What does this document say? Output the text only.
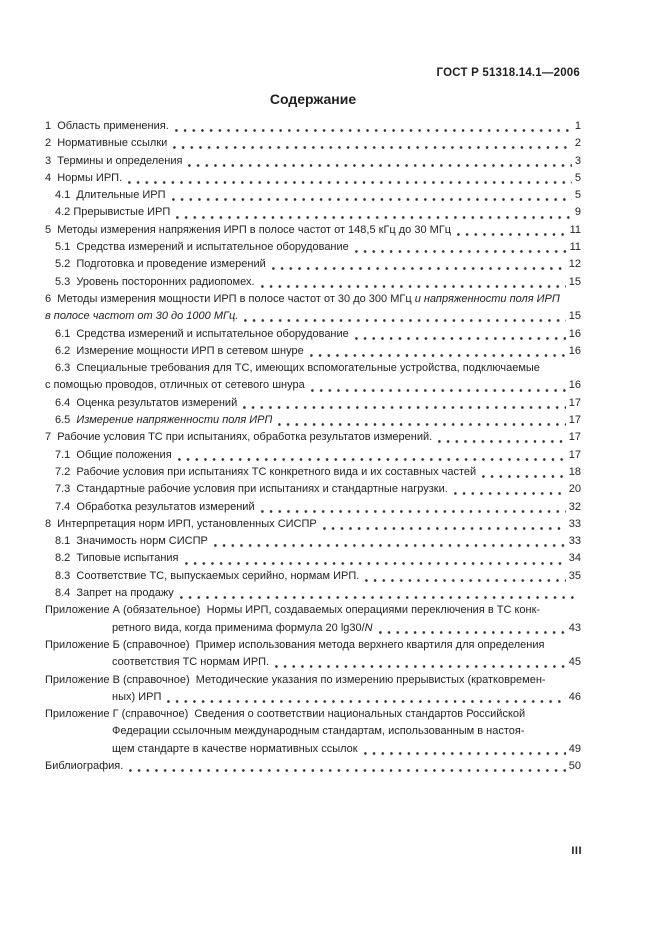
ГОСТ Р 51318.14.1—2006
Содержание
1  Область применения.	1
2  Нормативные ссылки	2
3  Термины и определения	3
4  Нормы ИРП.	5
4.1  Длительные ИРП	5
4.2 Прерывистые ИРП	9
5  Методы измерения напряжения ИРП в полосе частот от 148,5 кГц до 30 МГц	11
5.1  Средства измерений и испытательное оборудование	11
5.2  Подготовка и проведение измерений	12
5.3  Уровень посторонних радиопомех.	15
6  Методы измерения мощности ИРП в полосе частот от 30 до 300 МГц и напряженности поля ИРП
в полосе частот от 30 до 1000 МГц.	15
6.1  Средства измерений и испытательное оборудование	16
6.2  Измерение мощности ИРП в сетевом шнуре	16
6.3  Специальные требования для ТС, имеющих вспомогательные устройства, подключаемые
с помощью проводов, отличных от сетевого шнура	16
6.4  Оценка результатов измерений	17
6.5  Измерение напряженности поля ИРП	17
7  Рабочие условия ТС при испытаниях, обработка результатов измерений.	17
7.1  Общие положения	17
7.2  Рабочие условия при испытаниях ТС конкретного вида и их составных частей	18
7.3  Стандартные рабочие условия при испытаниях и стандартные нагрузки.	20
7.4  Обработка результатов измерений	32
8  Интерпретация норм ИРП, установленных СИСПР	33
8.1  Значимость норм СИСПР	33
8.2  Типовые испытания	34
8.3  Соответствие ТС, выпускаемых серийно, нормам ИРП.	35
8.4  Запрет на продажу
Приложение А (обязательное)  Нормы ИРП, создаваемых операциями переключения в ТС конк-
ретного вида, когда применима формула 20 lg30/N	43
Приложение Б (справочное)  Пример использования метода верхнего квартиля для определения
соответствия ТС нормам ИРП.	45
Приложение В (справочное)  Методические указания по измерению прерывистых (кратковремен-
ных) ИРП	46
Приложение Г (справочное)  Сведения о соответствии национальных стандартов Российской
Федерации ссылочным международным стандартам, использованным в настоя-
щем стандарте в качестве нормативных ссылок	49
Библиография.	50
III
